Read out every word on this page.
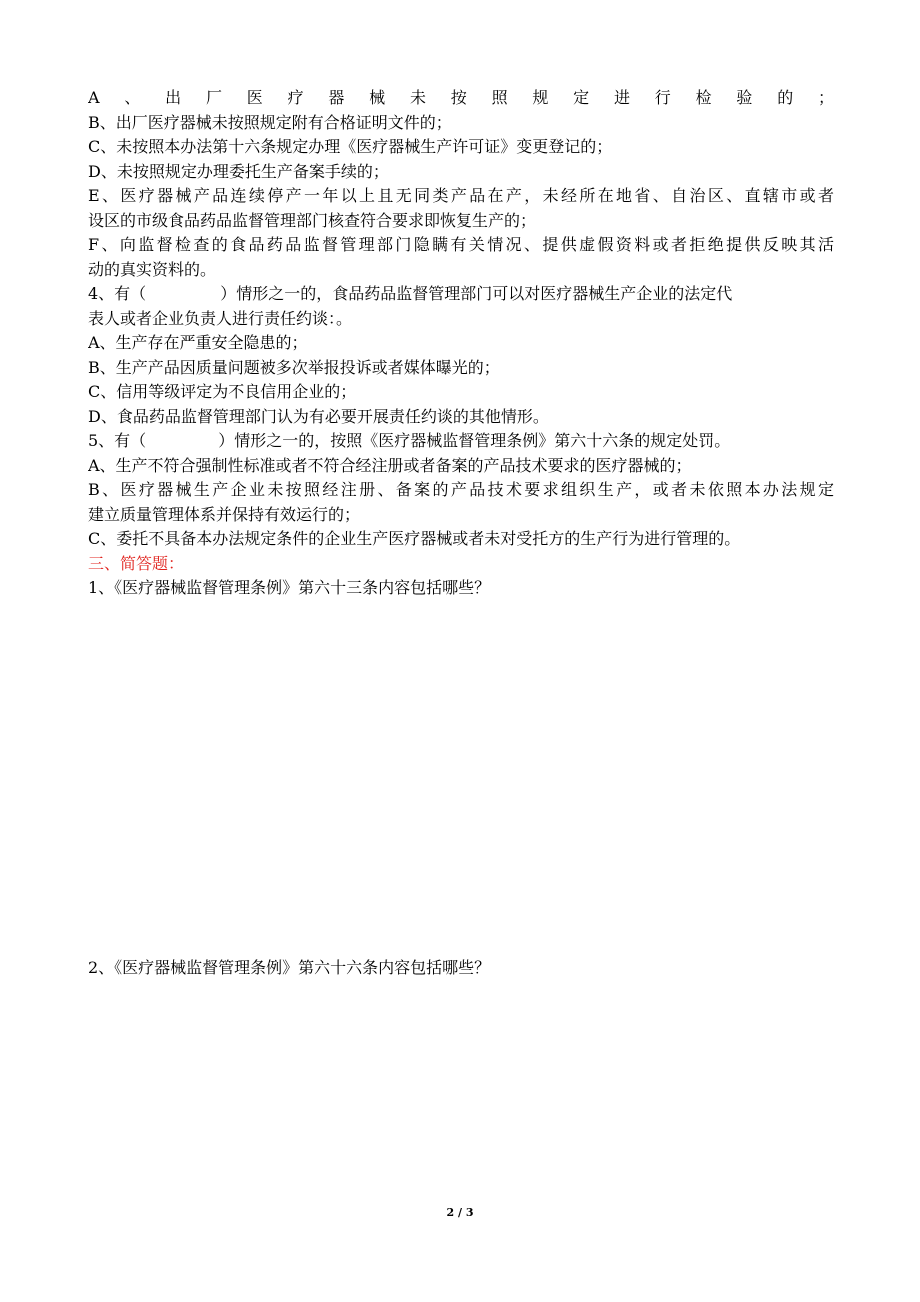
A、出厂医疗器械未按照规定进行检验的；
B、出厂医疗器械未按照规定附有合格证明文件的；
C、未按照本办法第十六条规定办理《医疗器械生产许可证》变更登记的；
D、未按照规定办理委托生产备案手续的；
E、医疗器械产品连续停产一年以上且无同类产品在产，未经所在地省、自治区、直辖市或者
设区的市级食品药品监督管理部门核查符合要求即恢复生产的；
F、向监督检查的食品药品监督管理部门隐瞒有关情况、提供虚假资料或者拒绝提供反映其活
动的真实资料的。
4、有（	）情形之一的，食品药品监督管理部门可以对医疗器械生产企业的法定代
表人或者企业负责人进行责任约谈：。
A、生产存在严重安全隐患的；
B、生产产品因质量问题被多次举报投诉或者媒体曝光的；
C、信用等级评定为不良信用企业的；
D、食品药品监督管理部门认为有必要开展责任约谈的其他情形。
5、有（	）情形之一的，按照《医疗器械监督管理条例》第六十六条的规定处罚。
A、生产不符合强制性标准或者不符合经注册或者备案的产品技术要求的医疗器械的；
B、医疗器械生产企业未按照经注册、备案的产品技术要求组织生产，或者未依照本办法规定
建立质量管理体系并保持有效运行的；
C、委托不具备本办法规定条件的企业生产医疗器械或者未对受托方的生产行为进行管理的。
三、简答题：
1、《医疗器械监督管理条例》第六十三条内容包括哪些？
2、《医疗器械监督管理条例》第六十六条内容包括哪些？
2 / 3
